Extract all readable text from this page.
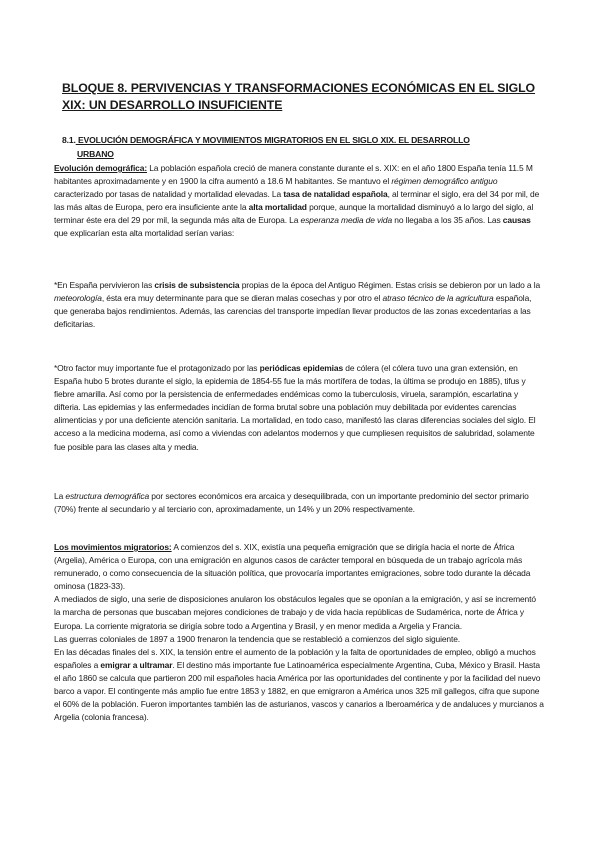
BLOQUE 8. PERVIVENCIAS Y TRANSFORMACIONES ECONÓMICAS EN EL SIGLO
XIX: UN DESARROLLO INSUFICIENTE
8.1. EVOLUCIÓN DEMOGRÁFICA Y MOVIMIENTOS MIGRATORIOS EN EL SIGLO XIX. EL DESARROLLO
URBANO

Evolución demográfica: La población española creció de manera constante durante el s. XIX: en el año 1800 España tenía 11.5 M habitantes aproximadamente y en 1900 la cifra aumentó a 18.6 M habitantes. Se mantuvo el régimen demográfico antiguo caracterizado por tasas de natalidad y mortalidad elevadas. La tasa de natalidad española, al terminar el siglo, era del 34 por mil, de las más altas de Europa, pero era insuficiente ante la alta mortalidad porque, aunque la mortalidad disminuyó a lo largo del siglo, al terminar éste era del 29 por mil, la segunda más alta de Europa. La esperanza media de vida no llegaba a los 35 años. Las causas que explicarían esta alta mortalidad serían varias:

*En España pervivieron las crisis de subsistencia propias de la época del Antiguo Régimen. Estas crisis se debieron por un lado a la meteorología, ésta era muy determinante para que se dieran malas cosechas y por otro el atraso técnico de la agricultura española, que generaba bajos rendimientos. Además, las carencias del transporte impedían llevar productos de las zonas excedentarias a las deficitarias.

*Otro factor muy importante fue el protagonizado por las periódicas epidemias de cólera (el cólera tuvo una gran extensión, en España hubo 5 brotes durante el siglo, la epidemia de 1854-55 fue la más mortífera de todas, la última se produjo en 1885), tifus y fiebre amarilla. Así como por la persistencia de enfermedades endémicas como la tuberculosis, viruela, sarampión, escarlatina y difteria. Las epidemias y las enfermedades incidían de forma brutal sobre una población muy debilitada por evidentes carencias alimenticias y por una deficiente atención sanitaria. La mortalidad, en todo caso, manifestó las claras diferencias sociales del siglo. El acceso a la medicina moderna, así como a viviendas con adelantos modernos y que cumpliesen requisitos de salubridad, solamente fue posible para las clases alta y media.

La estructura demográfica por sectores económicos era arcaica y desequilibrada, con un importante predominio del sector primario (70%) frente al secundario y al terciario con, aproximadamente, un 14% y un 20% respectivamente.

Los movimientos migratorios: A comienzos del s. XIX, existía una pequeña emigración que se dirigía hacia el norte de África (Argelia), América o Europa, con una emigración en algunos casos de carácter temporal en búsqueda de un trabajo agrícola más remunerado, o como consecuencia de la situación política, que provocaría importantes emigraciones, sobre todo durante la década ominosa (1823-33).

A mediados de siglo, una serie de disposiciones anularon los obstáculos legales que se oponían a la emigración, y así se incrementó la marcha de personas que buscaban mejores condiciones de trabajo y de vida hacia repúblicas de Sudamérica, norte de África y Europa. La corriente migratoria se dirigía sobre todo a Argentina y Brasil, y en menor medida a Argelia y Francia.

Las guerras coloniales de 1897 a 1900 frenaron la tendencia que se restableció a comienzos del siglo siguiente.

En las décadas finales del s. XIX, la tensión entre el aumento de la población y la falta de oportunidades de empleo, obligó a muchos españoles a emigrar a ultramar. El destino más importante fue Latinoamérica especialmente Argentina, Cuba, México y Brasil. Hasta el año 1860 se calcula que partieron 200 mil españoles hacia América por las oportunidades del continente y por la facilidad del nuevo barco a vapor. El contingente más amplio fue entre 1853 y 1882, en que emigraron a América unos 325 mil gallegos, cifra que supone el 60% de la población. Fueron importantes también las de asturianos, vascos y canarios a Iberoamérica y de andaluces y murcianos a Argelia (colonia francesa).
